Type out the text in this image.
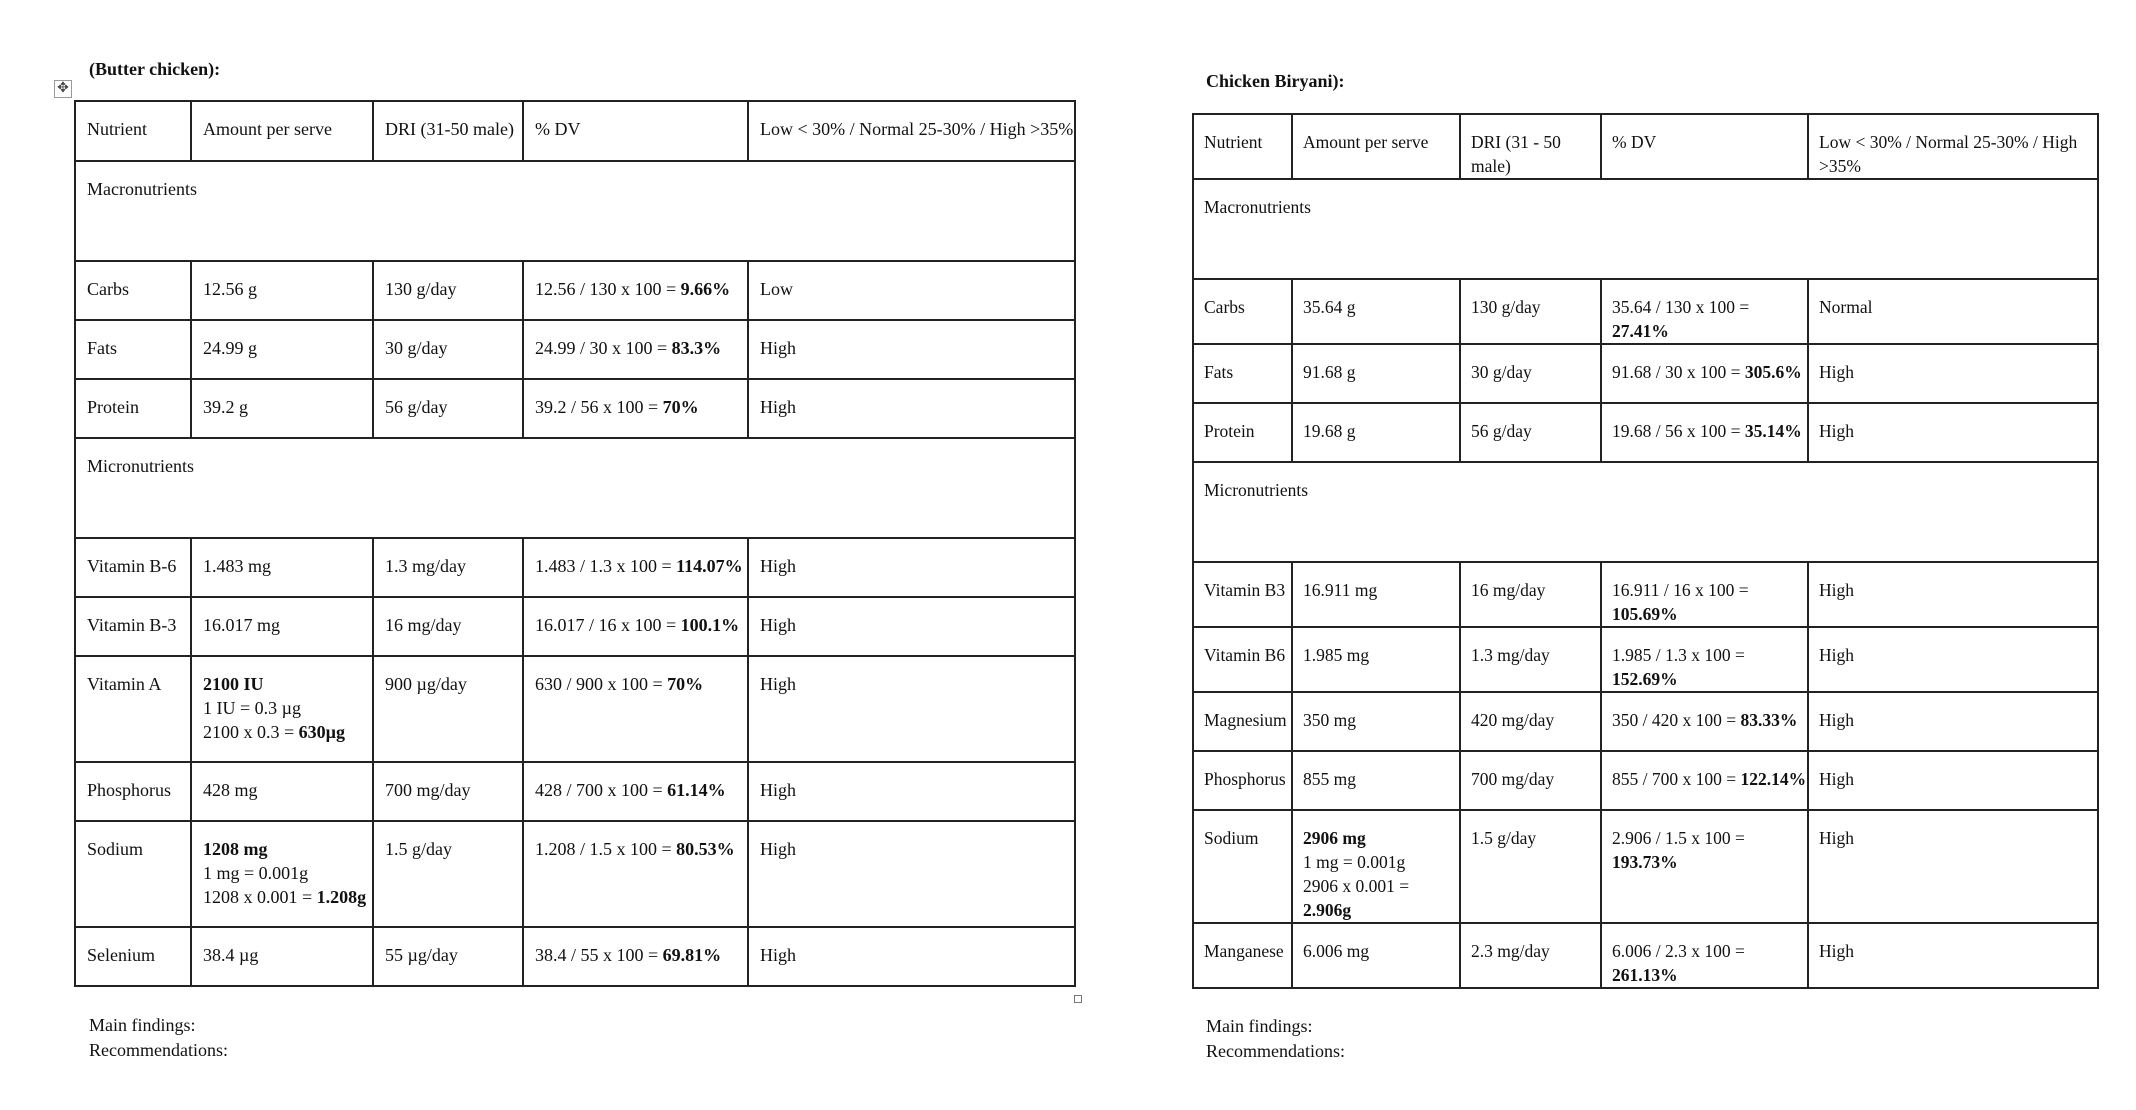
✥
(Butter chicken):
Nutrient	Amount per serve	DRI (31-50 male)	% DV	Low < 30% / Normal 25-30% / High >35%

Macronutrients				

Carbs	12.56 g	130 g/day	12.56 / 130 x 100 = 9.66%	Low

Fats	24.99 g	30 g/day	24.99 / 30 x 100 = 83.3%	High

Protein	39.2 g	56 g/day	39.2 / 56 x 100 = 70%	High

Micronutrients				

Vitamin B-6	1.483 mg	1.3 mg/day	1.483 / 1.3 x 100 = 114.07%	High

Vitamin B-3	16.017 mg	16 mg/day	16.017 / 16 x 100 = 100.1%	High

Vitamin A	2100 IU
1 IU = 0.3 µg
2100 x 0.3 = 630µg	900 µg/day	630 / 900 x 100 = 70%	High

Phosphorus	428 mg	700 mg/day	428 / 700 x 100 = 61.14%	High

Sodium	1208 mg
1 mg = 0.001g
1208 x 0.001 = 1.208g	1.5 g/day	1.208 / 1.5 x 100 = 80.53%	High

Selenium	38.4 µg	55 µg/day	38.4 / 55 x 100 = 69.81%	High
Main findings:
Recommendations:
Chicken Biryani):
Nutrient	Amount per serve	DRI (31 - 50 male)	% DV	Low < 30% / Normal 25-30% / High >35%

Macronutrients				

Carbs	35.64 g	130 g/day	35.64 / 130 x 100 = 27.41%	Normal

Fats	91.68 g	30 g/day	91.68 / 30 x 100 = 305.6%	High

Protein	19.68 g	56 g/day	19.68 / 56 x 100 = 35.14%	High

Micronutrients				

Vitamin B3	16.911 mg	16 mg/day	16.911 / 16 x 100 = 105.69%	High

Vitamin B6	1.985 mg	1.3 mg/day	1.985 / 1.3 x 100 = 152.69%	High

Magnesium	350 mg	420 mg/day	350 / 420 x 100 = 83.33%	High

Phosphorus	855 mg	700 mg/day	855 / 700 x 100 = 122.14%	High

Sodium	2906 mg
1 mg = 0.001g
2906 x 0.001 = 2.906g	1.5 g/day	2.906 / 1.5 x 100 = 193.73%	High

Manganese	6.006 mg	2.3 mg/day	6.006 / 2.3 x 100 = 261.13%	High
Main findings:
Recommendations:
